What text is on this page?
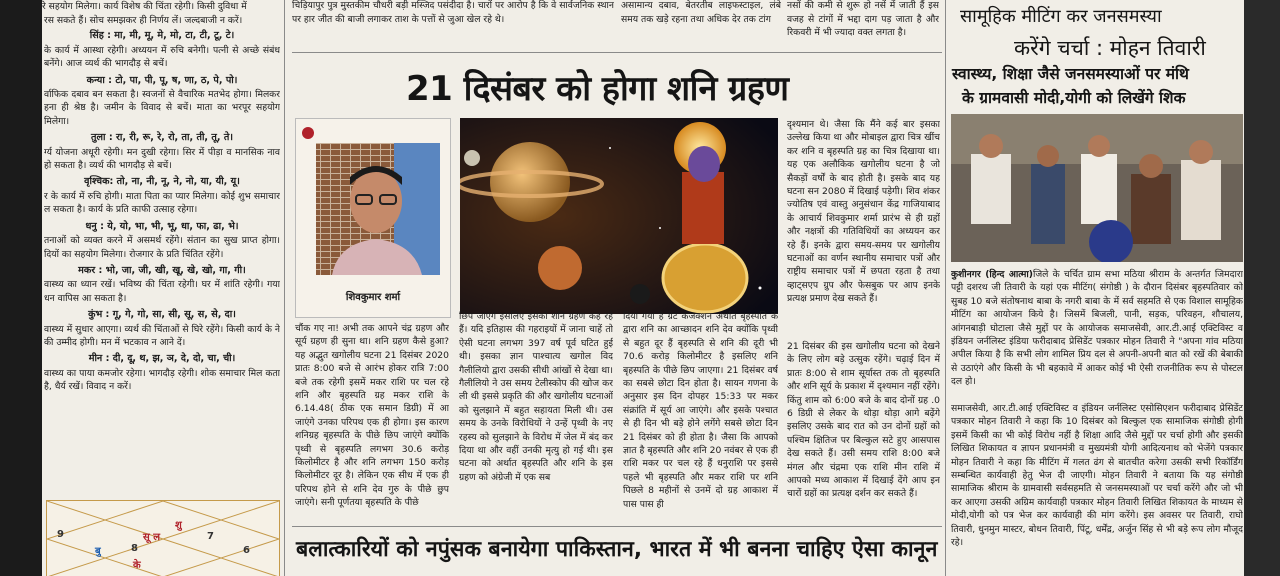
रे सहयोग मिलेगा। कार्य विशेष की चिंता रहेगी। किसी दुविधा में	चिड़ियापुर पुत्र मुस्तकीम चौधरी बड़ी मस्जिद पसंदीदा है। चारों पर आरोप है कि वे सार्वजनिक स्थान पर हार जीत की बाजी लगाकर ताश के पत्तों से जुआ खेल रहे थे।
असामान्य दबाव, बेतरतीब लाइफस्टाइल, लंबे समय तक खड़े रहना तथा अधिक देर तक टांग
नसों की कमी से शुरू हो नसें में जाती हैं इस वजह से टांगों में भद्दा दाग पड़ जाता है और रिकवरी में भी ज्यादा वक्त लगता है।
रस सकते हैं। सोच समझकर ही निर्णय लें। जल्दबाजी न करें।
सिंह : मा, मी, मू, मे, मो, टा, टी, टू, टे।
के कार्य में आस्था रहेगी। अध्ययन में रुचि बनेगी। पत्नी से अच्छे संबंध बनेंगे। आज व्यर्थ की भागदौड़ से बचें।
कन्या : टो, पा, पी, पू, ष, णा, ठ, पे, पो।
र्वाफिक दबाव बन सकता है। स्वजनों से वैचारिक मतभेद होगा। मिलकर हना ही श्रेष्ठ है। जमीन के विवाद से बचें। माता का भरपूर सहयोग मिलेगा।
तुला : रा, री, रू, रे, रो, ता, ती, तू, ते।
र्ग्य योजना अधूरी रहेगी। मन दुखी रहेगा। सिर में पीड़ा व मानसिक नाव हो सकता है। व्यर्थ की भागदौड़ से बचें।
वृश्चिक: तो, ना, नी, नू, ने, नो, या, यी, यू।
र के कार्य में रुचि होगी। माता पिता का प्यार मिलेगा। कोई शुभ समाचार ल सकता है। कार्य के प्रति काफी उत्साह रहेगा।
धनु : ये, यो, भा, भी, भू, धा, फा, ढा, भे।
तनाओं को व्यक्त करने में असमर्थ रहेंगे। संतान का सुख प्राप्त होगा। दियों का सहयोग मिलेगा। रोजगार के प्रति चिंतित रहेंगे।
मकर : भो, जा, जी, खी, खू, खे, खो, गा, गी।
वास्थ्य का ध्यान रखें। भविष्य की चिंता रहेगी। घर में शांति रहेगी। गया धन वापिस आ सकता है।
कुंभ : गू, गे, गो, सा, सी, सू, स, से, दा।
वास्थ्य में सुधार आएगा। व्यर्थ की चिंताओं से घिरे रहेंगे। किसी कार्य के ने की उम्मीद होगी। मन में भटकाव न आने दें।
मीन : दी, दू, थ, झ, ञ, दे, दो, चा, ची।
वास्थ्य का पाया कमजोर रहेगा। भागदौड़ रहेगी। शोक समाचार मिल कता है, धैर्य रखें। विवाद न करें।
9
बु	8
सू ल
के
शु
7
6
21 दिसंबर को होगा शनि ग्रहण
शिवकुमार शर्मा
चौंक गए ना! अभी तक आपने चंद्र ग्रहण और सूर्य ग्रहण ही सुना था। शनि ग्रहण कैसे हुआ? यह अद्भुत खगोलीय घटना 21 दिसंबर 2020 प्रातः 8:00 बजे से आरंभ होकर रात्रि 7:00 बजे तक रहेगी इसमें मकर राशि पर चल रहे शनि और बृहस्पति ग्रह मकर राशि के 6.14.48( ठीक एक समान डिग्री) में आ जाएंगे उनका परिपथ एक ही होगा। इस कारण शनिग्रह बृहस्पति के पीछे छिप जाएंगे क्योंकि पृथ्वी से बृहस्पति लगभग 30.6 करोड़ किलोमीटर है और शनि लगभग 150 करोड़ किलोमीटर दूर है। लेकिन एक सीध में एक ही परिपथ होने से शनि देव गुरु के पीछे छुप जाएंगे। सनी पूर्णतया बृहस्पति के पीछे
छिप जाएंगे इसलिए इसको शनि ग्रहण कह रहे हैं। यदि इतिहास की गहराइयों में जाना चाहें तो ऐसी घटना लगभग 397 वर्ष पूर्व घटित हुई थी। इसका ज्ञान पाश्चात्य खगोल विद गैलीलियो द्वारा उसकी सीधी आंखों से देखा था। गैलीलियो ने उस समय टेलीस्कोप की खोज कर ली थी इससे प्रकृति की और खगोलीय घटनाओं को सुलझाने में बहुत सहायता मिली थी। उस समय के उनके विरोधियों ने उन्हें पृथ्वी के नए रहस्य को सुलझाने के विरोध में जेल में बंद कर दिया था और वहीं उनकी मृत्यु हो गई थी। इस घटना को अर्थात बृहस्पति और शनि के इस ग्रहण को अंग्रेजी में एक सब
दिया गया है ग्रेट कंजक्शन अर्थात बृहस्पति के द्वारा शनि का आच्छादन शनि देव क्योंकि पृथ्वी से बहुत दूर हैं बृहस्पति से शनि की दूरी भी 70.6 करोड़ किलोमीटर है इसलिए शनि बृहस्पति के पीछे छिप जाएगा। 21 दिसंबर वर्ष का सबसे छोटा दिन होता है। सायन गणना के अनुसार इस दिन दोपहर 15:33 पर मकर संक्रांति में सूर्य आ जाएंगे। और इसके पश्चात से ही दिन भी बड़े होने लगेंगे सबसे छोटा दिन 21 दिसंबर को ही होता है। जैसा कि आपको ज्ञात है बृहस्पति और शनि 20 नवंबर से एक ही राशि मकर पर चल रहे हैं धनुराशि पर इससे पहले भी बृहस्पति और मकर राशि पर शनि पिछले 8 महीनों से उनमें दो ग्रह आकाश में पास पास ही
दृश्यमान थे। जैसा कि मैंने कई बार इसका उल्लेख किया था और मोबाइल द्वारा चित्र खींच कर शनि व बृहस्पति ग्रह का चित्र दिखाया था। यह एक अलौकिक खगोलीय घटना है जो सैकड़ों वर्षों के बाद होती है। इसके बाद यह घटना सन 2080 में दिखाई पड़ेगी। शिव शंकर ज्योतिष एवं वास्तु अनुसंधान केंद्र गाजियाबाद के आचार्य शिवकुमार शर्मा प्रारंभ से ही ग्रहों और नक्षत्रों की गतिविधियों का अध्ययन कर रहे हैं। इनके द्वारा समय-समय पर खगोलीय घटनाओं का वर्णन स्थानीय समाचार पत्रों और राष्ट्रीय समाचार पत्रों में छपता रहता है तथा व्हाट्सएप ग्रुप और फेसबुक पर आप इनके प्रत्यक्ष प्रमाण देख सकते हैं।
21 दिसंबर की इस खगोलीय घटना को देखने के लिए लोग बड़े उत्सुक रहेंगे। चढ़ाई दिन में प्रातः 8:00 से शाम सूर्यास्त तक तो बृहस्पति और शनि सूर्य के प्रकाश में दृश्यमान नहीं रहेंगे। किंतु शाम को 6:00 बजे के बाद दोनों ग्रह .0 6 डिग्री से लेकर के थोड़ा थोड़ा आगे बढ़ेंगे इसलिए उसके बाद रात को उन दोनों ग्रहों को पश्चिम क्षितिज पर बिल्कुल सटे हुए आसपास देख सकते हैं। उसी समय राशि 8:00 बजे मंगल और चंद्रमा एक राशि मीन राशि में आपको मध्य आकाश में दिखाई देंगे आप इन चारों ग्रहों का प्रत्यक्ष दर्शन कर सकते हैं।
बलात्कारियों को नपुंसक बनायेगा पाकिस्तान, भारत में भी बनना चाहिए ऐसा कानून
सामूहिक मीटिंग कर जनसमस्या
करेंगे चर्चा : मोहन तिवारी
स्वास्थ्य, शिक्षा जैसे जनसमस्याओं पर मंथि
के ग्रामवासी मोदी,योगी को लिखेंगे शिक
कुशीनगर (हिन्द आत्मा)जिले के चर्चित ग्राम सभा मठिया श्रीराम के अन्तर्गत जिमदारा पट्टी दशरथ जी तिवारी के यहां एक मीटिंग( संगोष्ठी ) के दौरान दिसंबर बृहस्पतिवार को सुबह 10 बजे संतोषनाथ बाबा के नगरी बाबा के में सर्व सहमति से एक विशाल सामूहिक मीटिंग का आयोजन किये है। जिसमें बिजली, पानी, सड़क, परिवहन, शौचालय, आंगनबाड़ी घोटाला जैसे मुद्दों पर के आयोजक समाजसेवी, आर.टी.आई एक्टिविस्ट व इंडियन जर्नलिस्ट इंडिया फरीदाबाद प्रेसिडेंट पत्रकार मोहन तिवारी ने "अपना गांव मठिया अपील किया है कि सभी लोग शामिल प्रिय दल से अपनी-अपनी बात को रखें की बेबाकी से उठाएंगे और किसी के भी बहकावे में आकर कोई भी ऐसी राजनीतिक रूप से पोस्टल दल हो।
समाजसेवी, आर.टी.आई एक्टिविस्ट व इंडियन जर्नलिस्ट एसोसिएशन फरीदाबाद प्रेसिडेंट पत्रकार मोहन तिवारी ने कहा कि 10 दिसंबर को बिल्कुल एक सामाजिक संगोष्ठी होगी इसमें किसी का भी कोई विरोध नहीं है शिक्षा आदि जैसे मुद्दों पर चर्चा होगी और इसकी लिखित शिकायत व ज्ञापन प्रधानमंत्री व मुख्यमंत्री योगी आदित्यनाथ को भेजेंगे पत्रकार मोहन तिवारी ने कहा कि मीटिंग में गलत ढंग से बातचीत करेगा उसकी सभी रिकॉर्डिंग सम्बन्धित कार्यवाही हेतु भेज दी जाएगी। मोहन तिवारी ने बताया कि यह संगोष्ठी सामाजिक श्रीराम के ग्रामवासी सर्वसहमति से जनसमस्याओं पर चर्चा करेंगे और जो भी कर आएगा उसकी अग्रिम कार्यवाही पत्रकार मोहन तिवारी लिखित शिकायत के माध्यम से मोदी,योगी को पत्र भेज कर कार्यवाही की मांग करेंगे। इस अवसर पर तिवारी, राघो तिवारी, धुनमुन मास्टर, बोधन तिवारी, पिंटू, धर्मेंद्र, अर्जुन सिंह से भी बड़े रूप लोग मौजूद रहे।
